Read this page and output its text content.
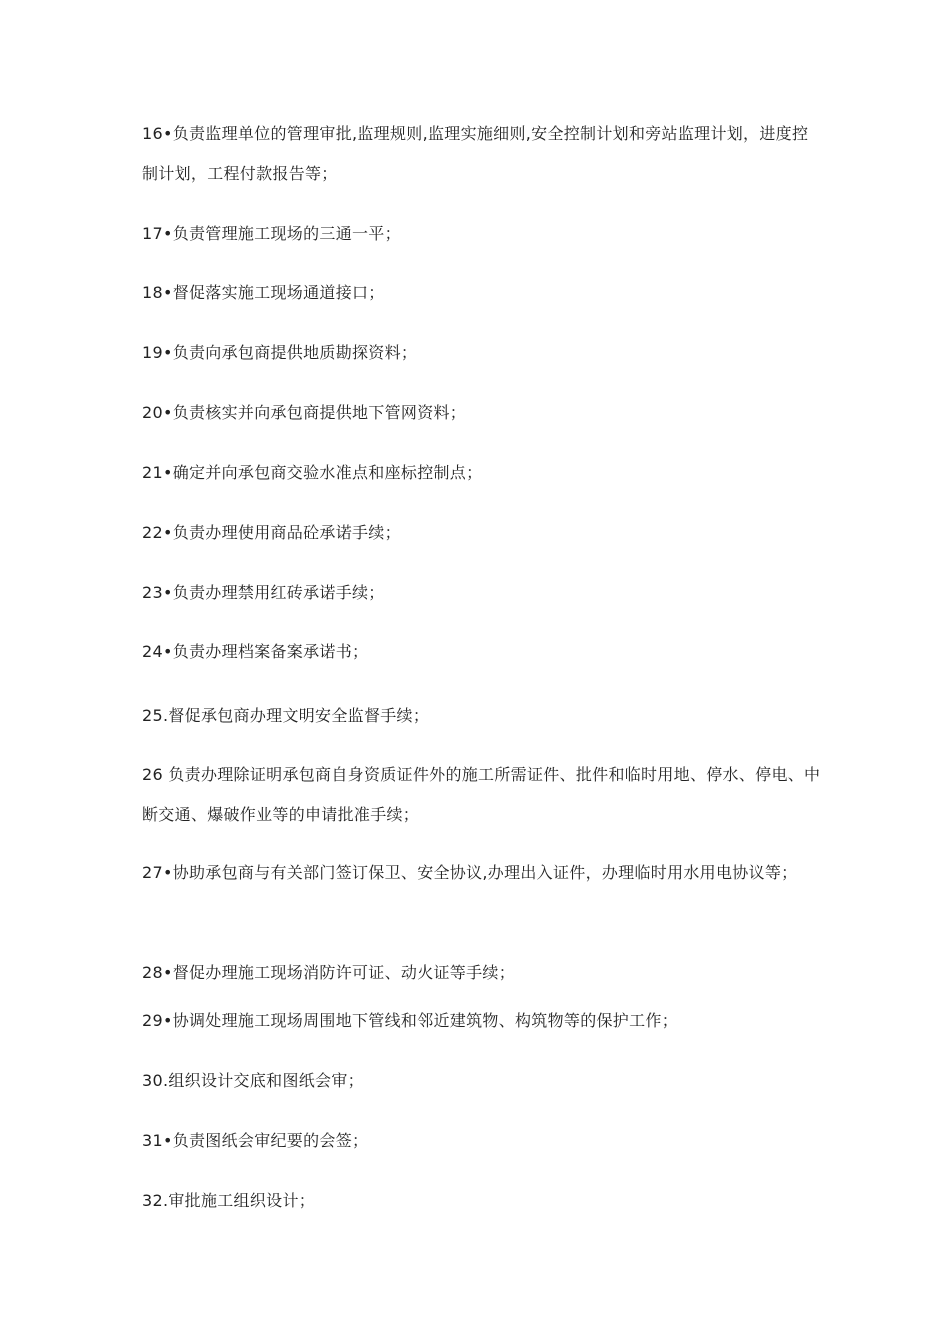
16•负责监理单位的管理审批,监理规则,监理实施细则,安全控制计划和旁站监理计划，进度控制计划，工程付款报告等；
17•负责管理施工现场的三通一平；
18•督促落实施工现场通道接口；
19•负责向承包商提供地质勘探资料；
20•负责核实并向承包商提供地下管网资料；
21•确定并向承包商交验水准点和座标控制点；
22•负责办理使用商品砼承诺手续；
23•负责办理禁用红砖承诺手续；
24•负责办理档案备案承诺书；
25.督促承包商办理文明安全监督手续；
26 负责办理除证明承包商自身资质证件外的施工所需证件、批件和临时用地、停水、停电、中断交通、爆破作业等的申请批准手续；
27•协助承包商与有关部门签订保卫、安全协议,办理出入证件，办理临时用水用电协议等；
28•督促办理施工现场消防许可证、动火证等手续；
29•协调处理施工现场周围地下管线和邻近建筑物、构筑物等的保护工作；
30.组织设计交底和图纸会审；
31•负责图纸会审纪要的会签；
32.审批施工组织设计；
